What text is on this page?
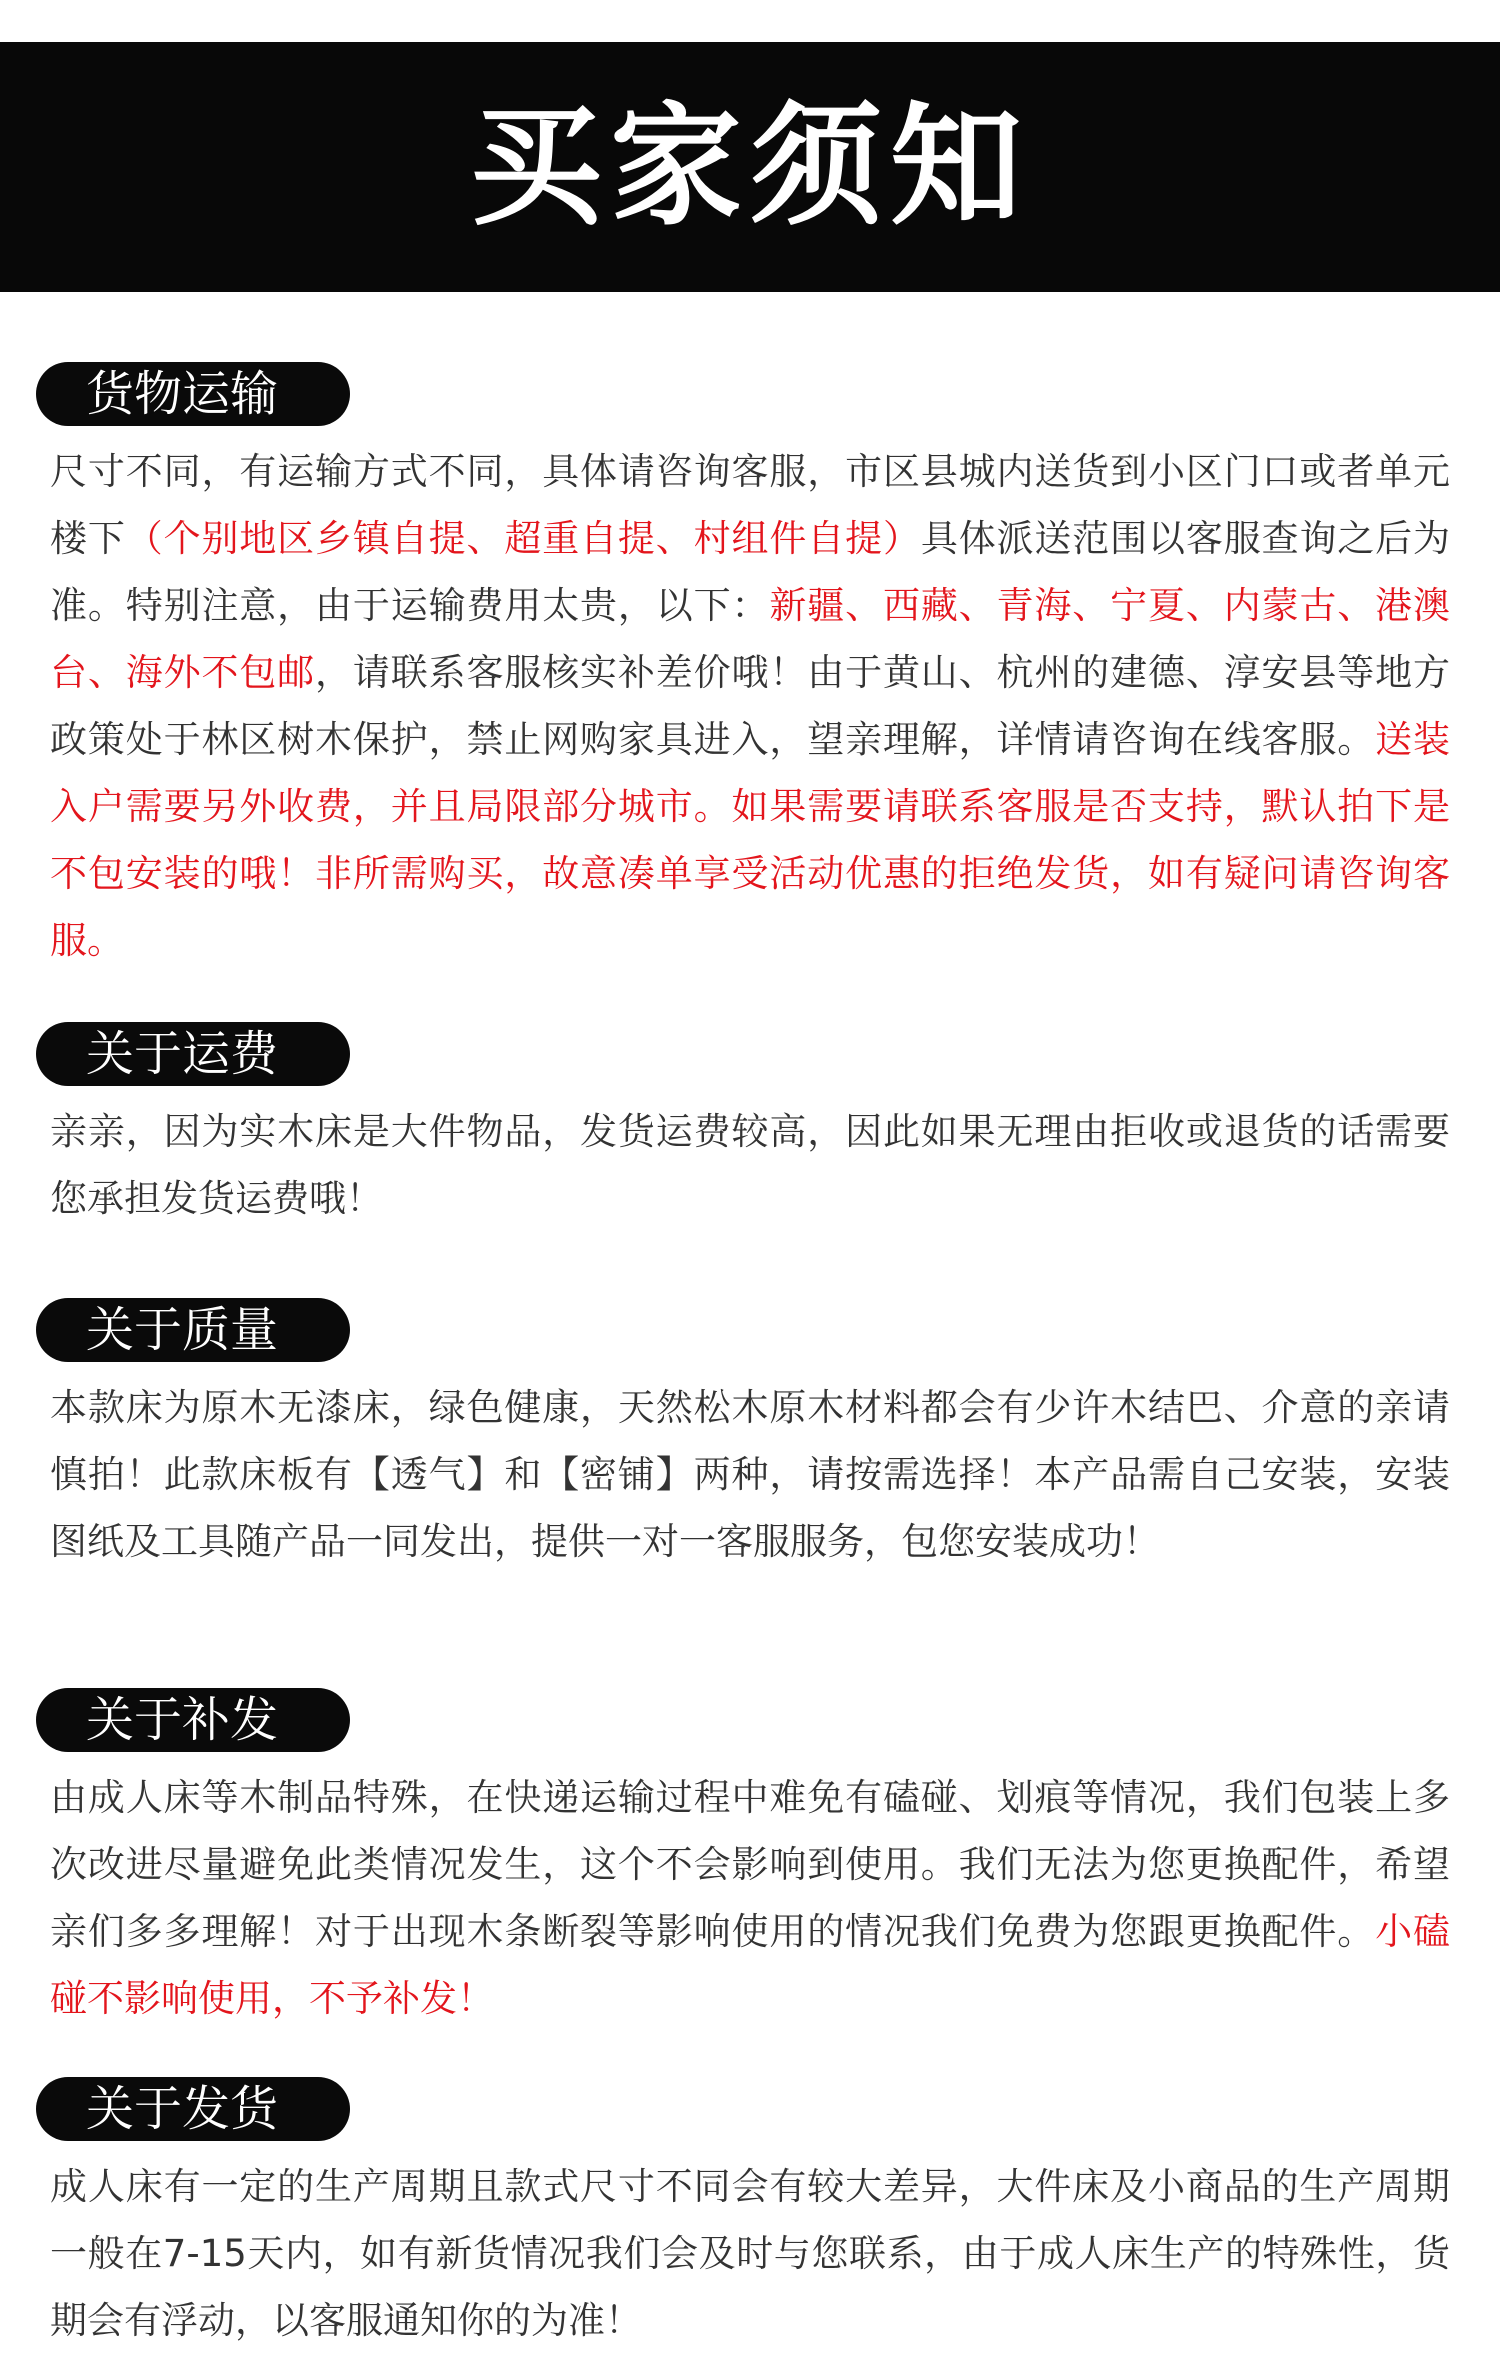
买家须知
货物运输

尺寸不同，有运输方式不同，具体请咨询客服，市区县城内送货到小区门口或者单元楼下（个别地区乡镇自提、超重自提、村组件自提）具体派送范围以客服查询之后为准。特别注意，由于运输费用太贵，以下：新疆、西藏、青海、宁夏、内蒙古、港澳台、海外不包邮，请联系客服核实补差价哦！由于黄山、杭州的建德、淳安县等地方政策处于林区树木保护，禁止网购家具进入，望亲理解，详情请咨询在线客服。送装入户需要另外收费，并且局限部分城市。如果需要请联系客服是否支持，默认拍下是不包安装的哦！非所需购买，故意凑单享受活动优惠的拒绝发货，如有疑问请咨询客服。

关于运费

亲亲，因为实木床是大件物品，发货运费较高，因此如果无理由拒收或退货的话需要您承担发货运费哦！

关于质量

本款床为原木无漆床，绿色健康，天然松木原木材料都会有少许木结巴、介意的亲请慎拍！此款床板有【透气】和【密铺】两种，请按需选择！本产品需自己安装，安装图纸及工具随产品一同发出，提供一对一客服服务，包您安装成功！

关于补发

由成人床等木制品特殊，在快递运输过程中难免有磕碰、划痕等情况，我们包装上多次改进尽量避免此类情况发生，这个不会影响到使用。我们无法为您更换配件，希望亲们多多理解！对于出现木条断裂等影响使用的情况我们免费为您跟更换配件。小磕碰不影响使用，不予补发！

关于发货

成人床有一定的生产周期且款式尺寸不同会有较大差异，大件床及小商品的生产周期一般在7-15天内，如有新货情况我们会及时与您联系，由于成人床生产的特殊性，货期会有浮动，以客服通知你的为准！
